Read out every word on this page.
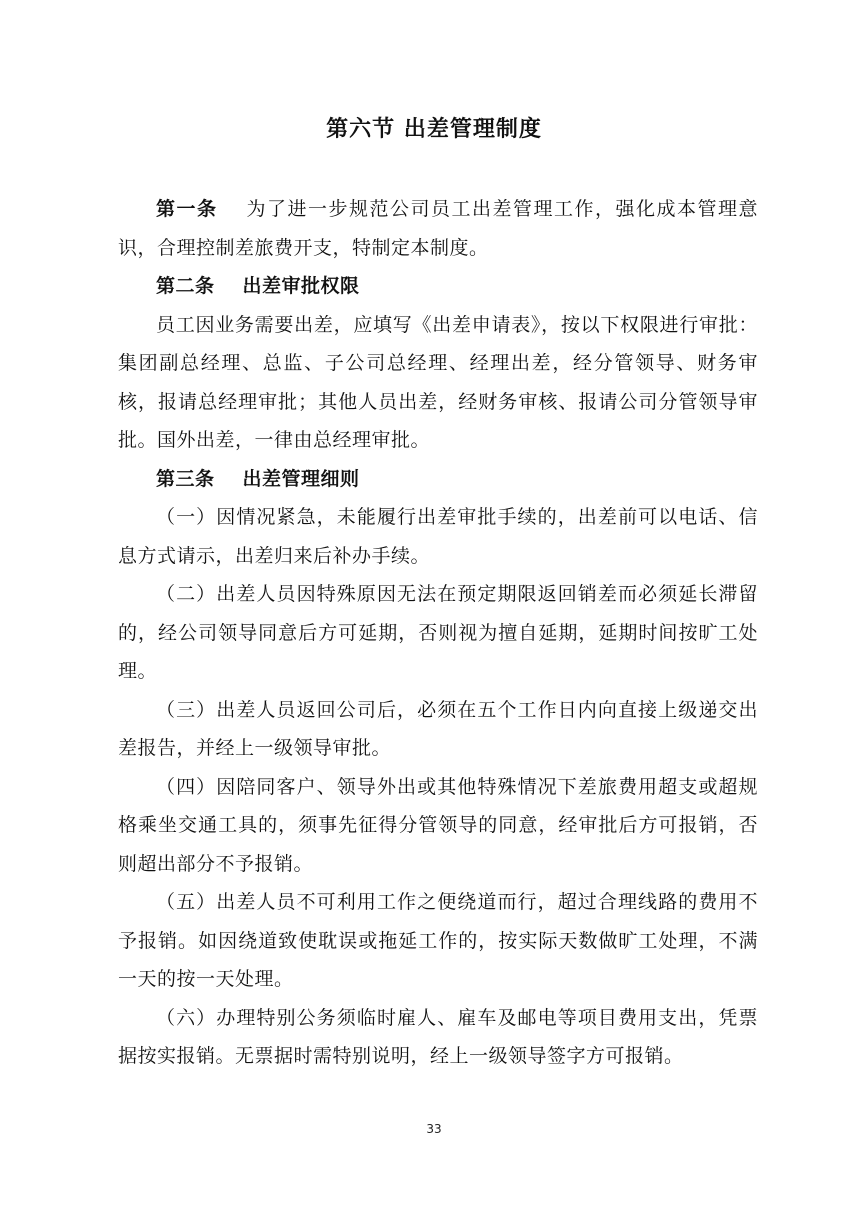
第六节 出差管理制度

第一条 为了进一步规范公司员工出差管理工作，强化成本管理意识，合理控制差旅费开支，特制定本制度。

第二条 出差审批权限

员工因业务需要出差，应填写《出差申请表》，按以下权限进行审批：集团副总经理、总监、子公司总经理、经理出差，经分管领导、财务审核，报请总经理审批；其他人员出差，经财务审核、报请公司分管领导审批。国外出差，一律由总经理审批。

第三条 出差管理细则

（一）因情况紧急，未能履行出差审批手续的，出差前可以电话、信息方式请示，出差归来后补办手续。

（二）出差人员因特殊原因无法在预定期限返回销差而必须延长滞留的，经公司领导同意后方可延期，否则视为擅自延期，延期时间按旷工处理。

（三）出差人员返回公司后，必须在五个工作日内向直接上级递交出差报告，并经上一级领导审批。

（四）因陪同客户、领导外出或其他特殊情况下差旅费用超支或超规格乘坐交通工具的，须事先征得分管领导的同意，经审批后方可报销，否则超出部分不予报销。

（五）出差人员不可利用工作之便绕道而行，超过合理线路的费用不予报销。如因绕道致使耽误或拖延工作的，按实际天数做旷工处理，不满一天的按一天处理。

（六）办理特别公务须临时雇人、雇车及邮电等项目费用支出，凭票据按实报销。无票据时需特别说明，经上一级领导签字方可报销。

33
